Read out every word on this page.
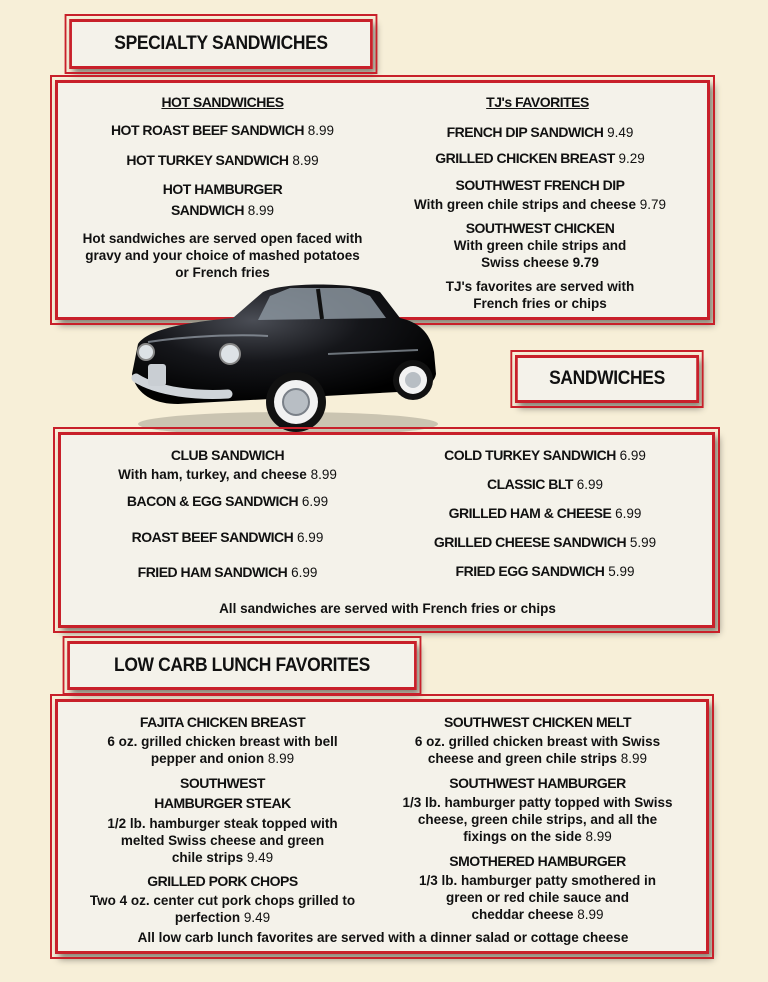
SPECIALTY SANDWICHES
HOT SANDWICHES
HOT ROAST BEEF SANDWICH 8.99
HOT TURKEY SANDWICH 8.99
HOT HAMBURGER
SANDWICH 8.99
Hot sandwiches are served open faced with gravy and your choice of mashed potatoes or French fries
TJ's FAVORITES
FRENCH DIP SANDWICH 9.49
GRILLED CHICKEN BREAST 9.29
SOUTHWEST FRENCH DIP
With green chile strips and cheese 9.79
SOUTHWEST CHICKEN
With green chile strips and
Swiss cheese 9.79
TJ's favorites are served with
French fries or chips
SANDWICHES
CLUB SANDWICH
With ham, turkey, and cheese 8.99
BACON & EGG SANDWICH 6.99
ROAST BEEF SANDWICH 6.99
FRIED HAM SANDWICH 6.99
COLD TURKEY SANDWICH 6.99
CLASSIC BLT 6.99
GRILLED HAM & CHEESE 6.99
GRILLED CHEESE SANDWICH 5.99
FRIED EGG SANDWICH 5.99
All sandwiches are served with French fries or chips
LOW CARB LUNCH FAVORITES
FAJITA CHICKEN BREAST
6 oz. grilled chicken breast with bell
pepper and onion 8.99
SOUTHWEST
HAMBURGER STEAK
1/2 lb. hamburger steak topped with
melted Swiss cheese and green
chile strips 9.49
GRILLED PORK CHOPS
Two 4 oz. center cut pork chops grilled to
perfection 9.49
SOUTHWEST CHICKEN MELT
6 oz. grilled chicken breast with Swiss
cheese and green chile strips 8.99
SOUTHWEST HAMBURGER
1/3 lb. hamburger patty topped with Swiss
cheese, green chile strips, and all the
fixings on the side 8.99
SMOTHERED HAMBURGER
1/3 lb. hamburger patty smothered in
green or red chile sauce and
cheddar cheese 8.99
All low carb lunch favorites are served with a dinner salad or cottage cheese
